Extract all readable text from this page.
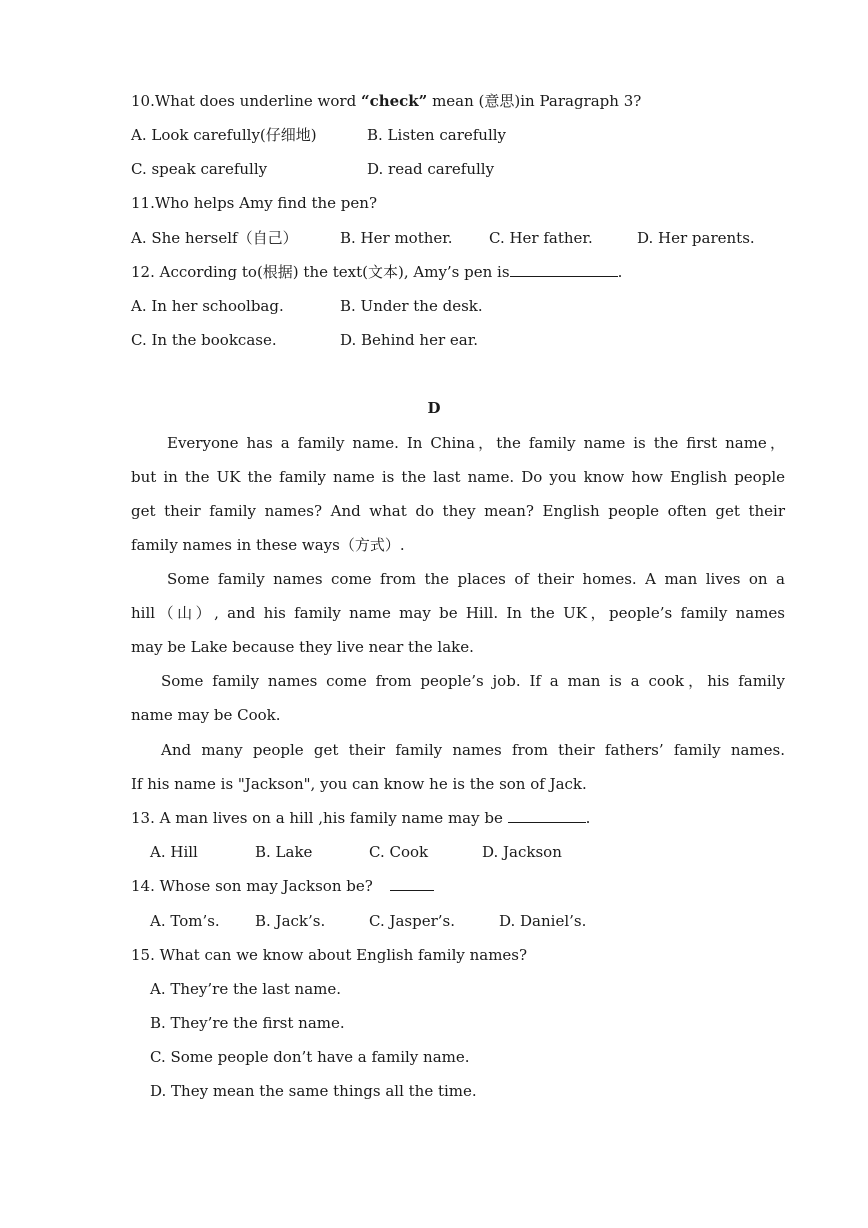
10.What does underline word “check” mean (意思)in Paragraph 3?
A. Look carefully(仔细地)	B. Listen carefully
C. speak carefully	D. read carefully
11.Who helps Amy find the pen?
A. She herself（自己）	B. Her mother. C. Her father.	D. Her parents.
12. According to(根据) the text(文本), Amy’s pen is	.
A. In her schoolbag.	B. Under the desk.
C. In the bookcase.	D. Behind her ear.
D
Everyone has a family name. In China，the family name is the first name，
but in the UK the family name is the last name. Do you know how English people
get their family names? And what do they mean? English people often get their
family names in these ways（方式）.
Some family names come from the places of their homes. A man lives on a
hill（山）, and his family name may be Hill. In the UK，people’s family names
may be Lake because they live near the lake.
Some family names come from people’s job. If a man is a cook，his family
name may be Cook.
And many people get their family names from their fathers’ family names.
If his name is "Jackson", you can know he is the son of Jack.
13. A man lives on a hill ,his family name may be	.
A. Hill	B. Lake	C. Cook	D. Jackson
14. Whose son may Jackson be?
A. Tom’s. B. Jack’s.	C. Jasper’s.	D. Daniel’s.
15. What can we know about English family names?
A. They’re the last name.
B. They’re the first name.
C. Some people don’t have a family name.
D. They mean the same things all the time.
